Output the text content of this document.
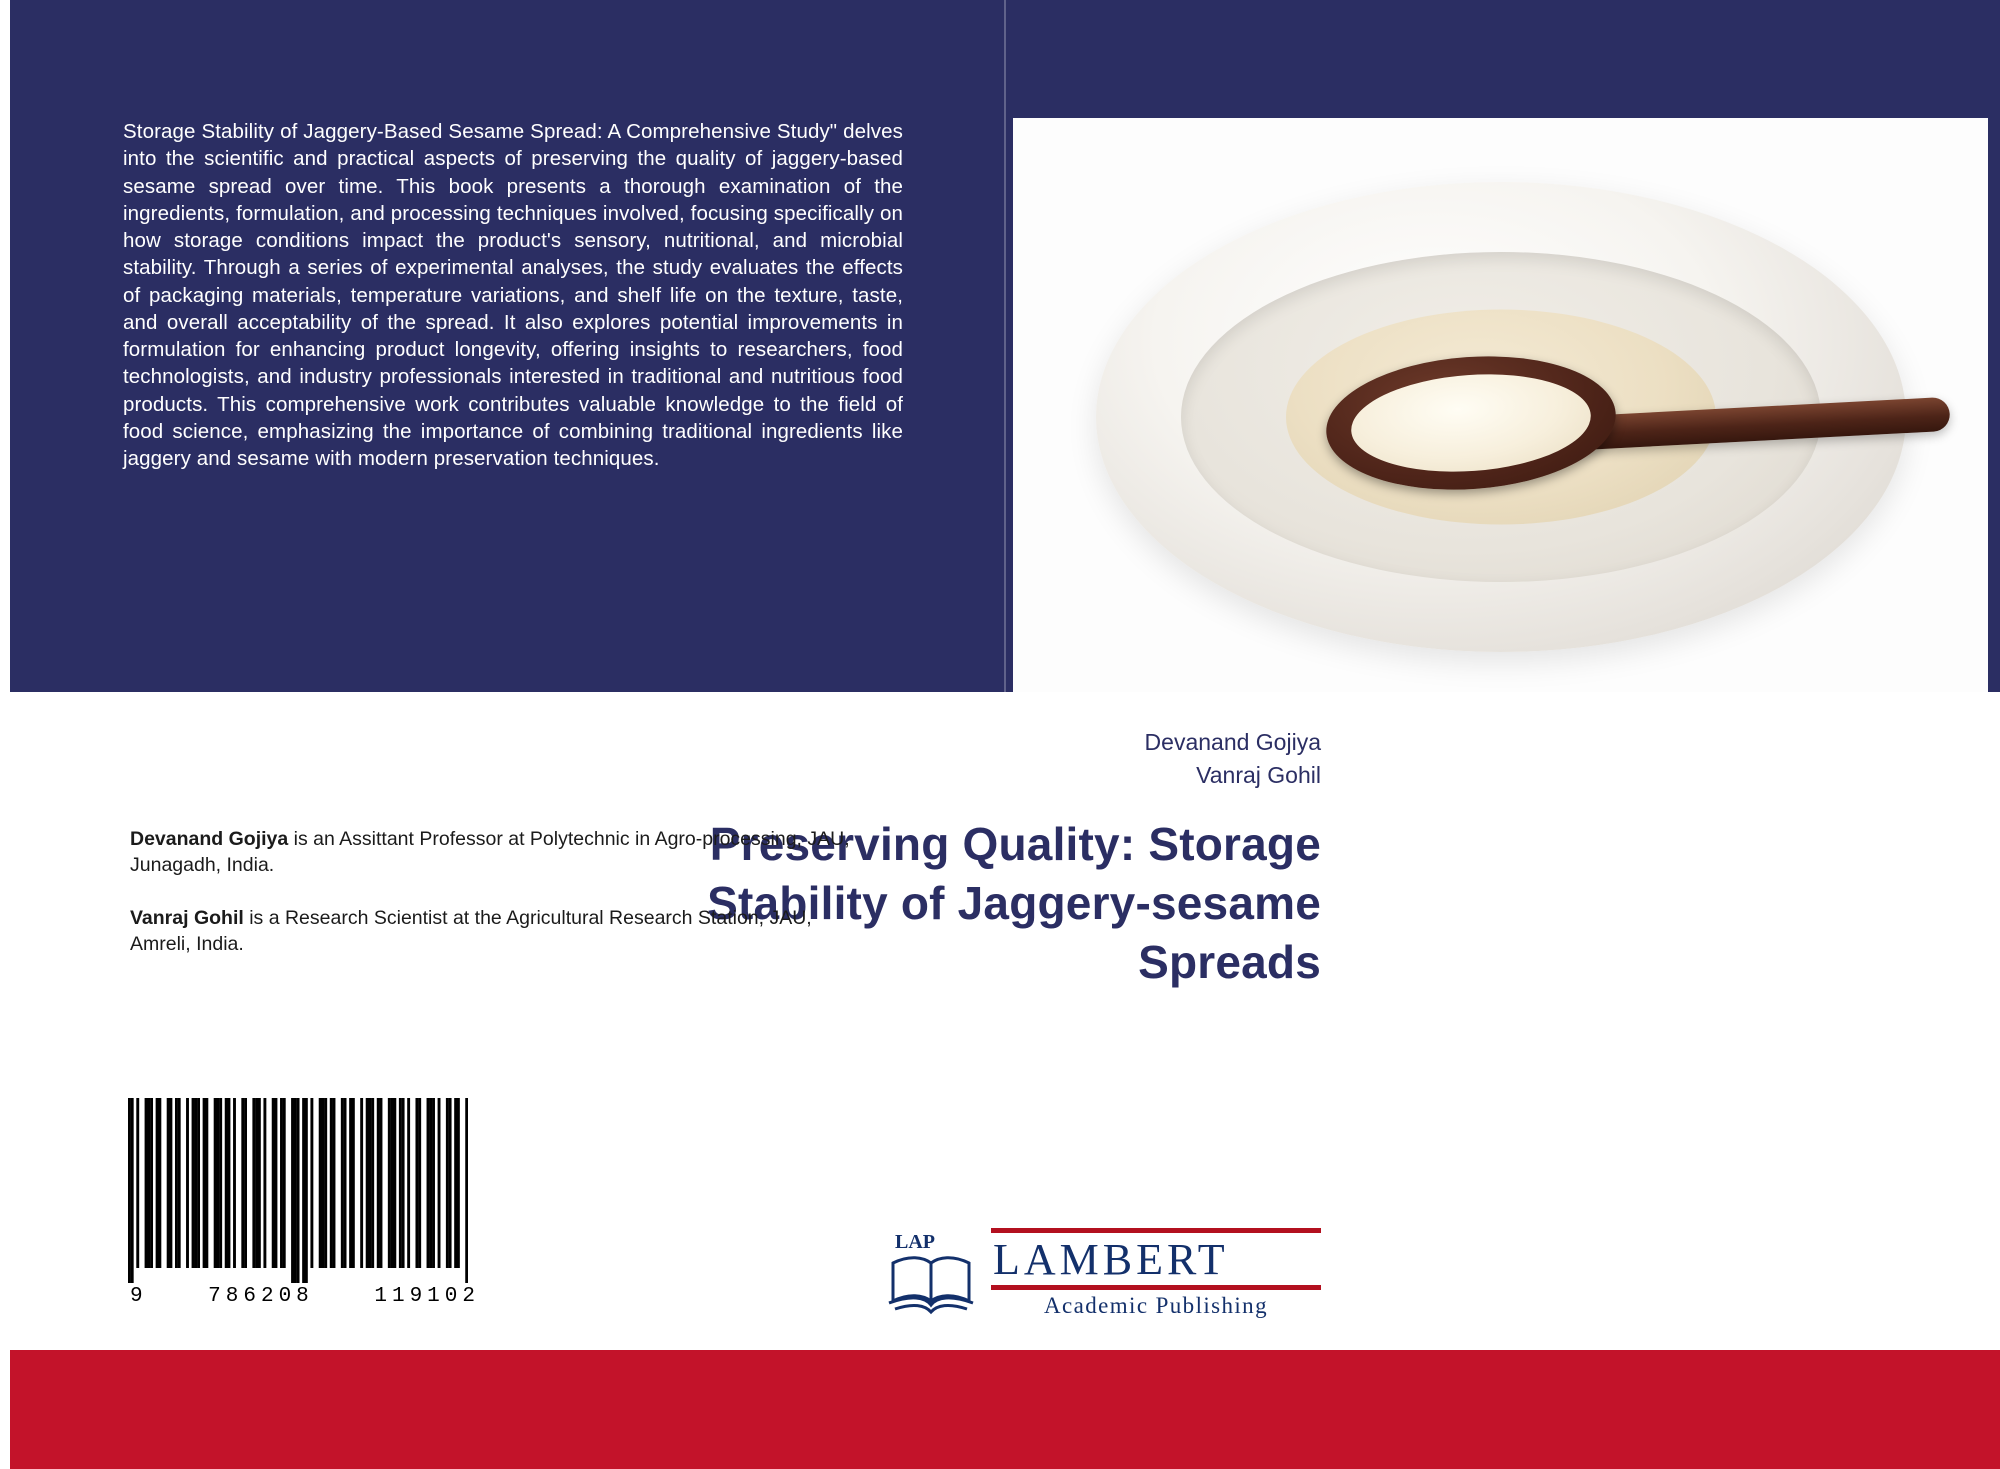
Storage Stability of Jaggery-Based Sesame Spread: A Comprehensive Study" delves into the scientific and practical aspects of preserving the quality of jaggery-based sesame spread over time. This book presents a thorough examination of the ingredients, formulation, and processing techniques involved, focusing specifically on how storage conditions impact the product's sensory, nutritional, and microbial stability. Through a series of experimental analyses, the study evaluates the effects of packaging materials, temperature variations, and shelf life on the texture, taste, and overall acceptability of the spread. It also explores potential improvements in formulation for enhancing product longevity, offering insights to researchers, food technologists, and industry professionals interested in traditional and nutritious food products. This comprehensive work contributes valuable knowledge to the field of food science, emphasizing the importance of combining traditional ingredients like jaggery and sesame with modern preservation techniques.
Devanand Gojiya
Vanraj Gohil
Preserving Quality: Storage Stability of Jaggery-sesame Spreads

Devanand Gojiya is an Assittant Professor at Polytechnic in Agro-processing, JAU, Junagadh, India.

Vanraj Gohil is a Research Scientist at the Agricultural Research Station, JAU, Amreli, India.

9	786208	119102
LAP LAMBERT
Academic Publishing
